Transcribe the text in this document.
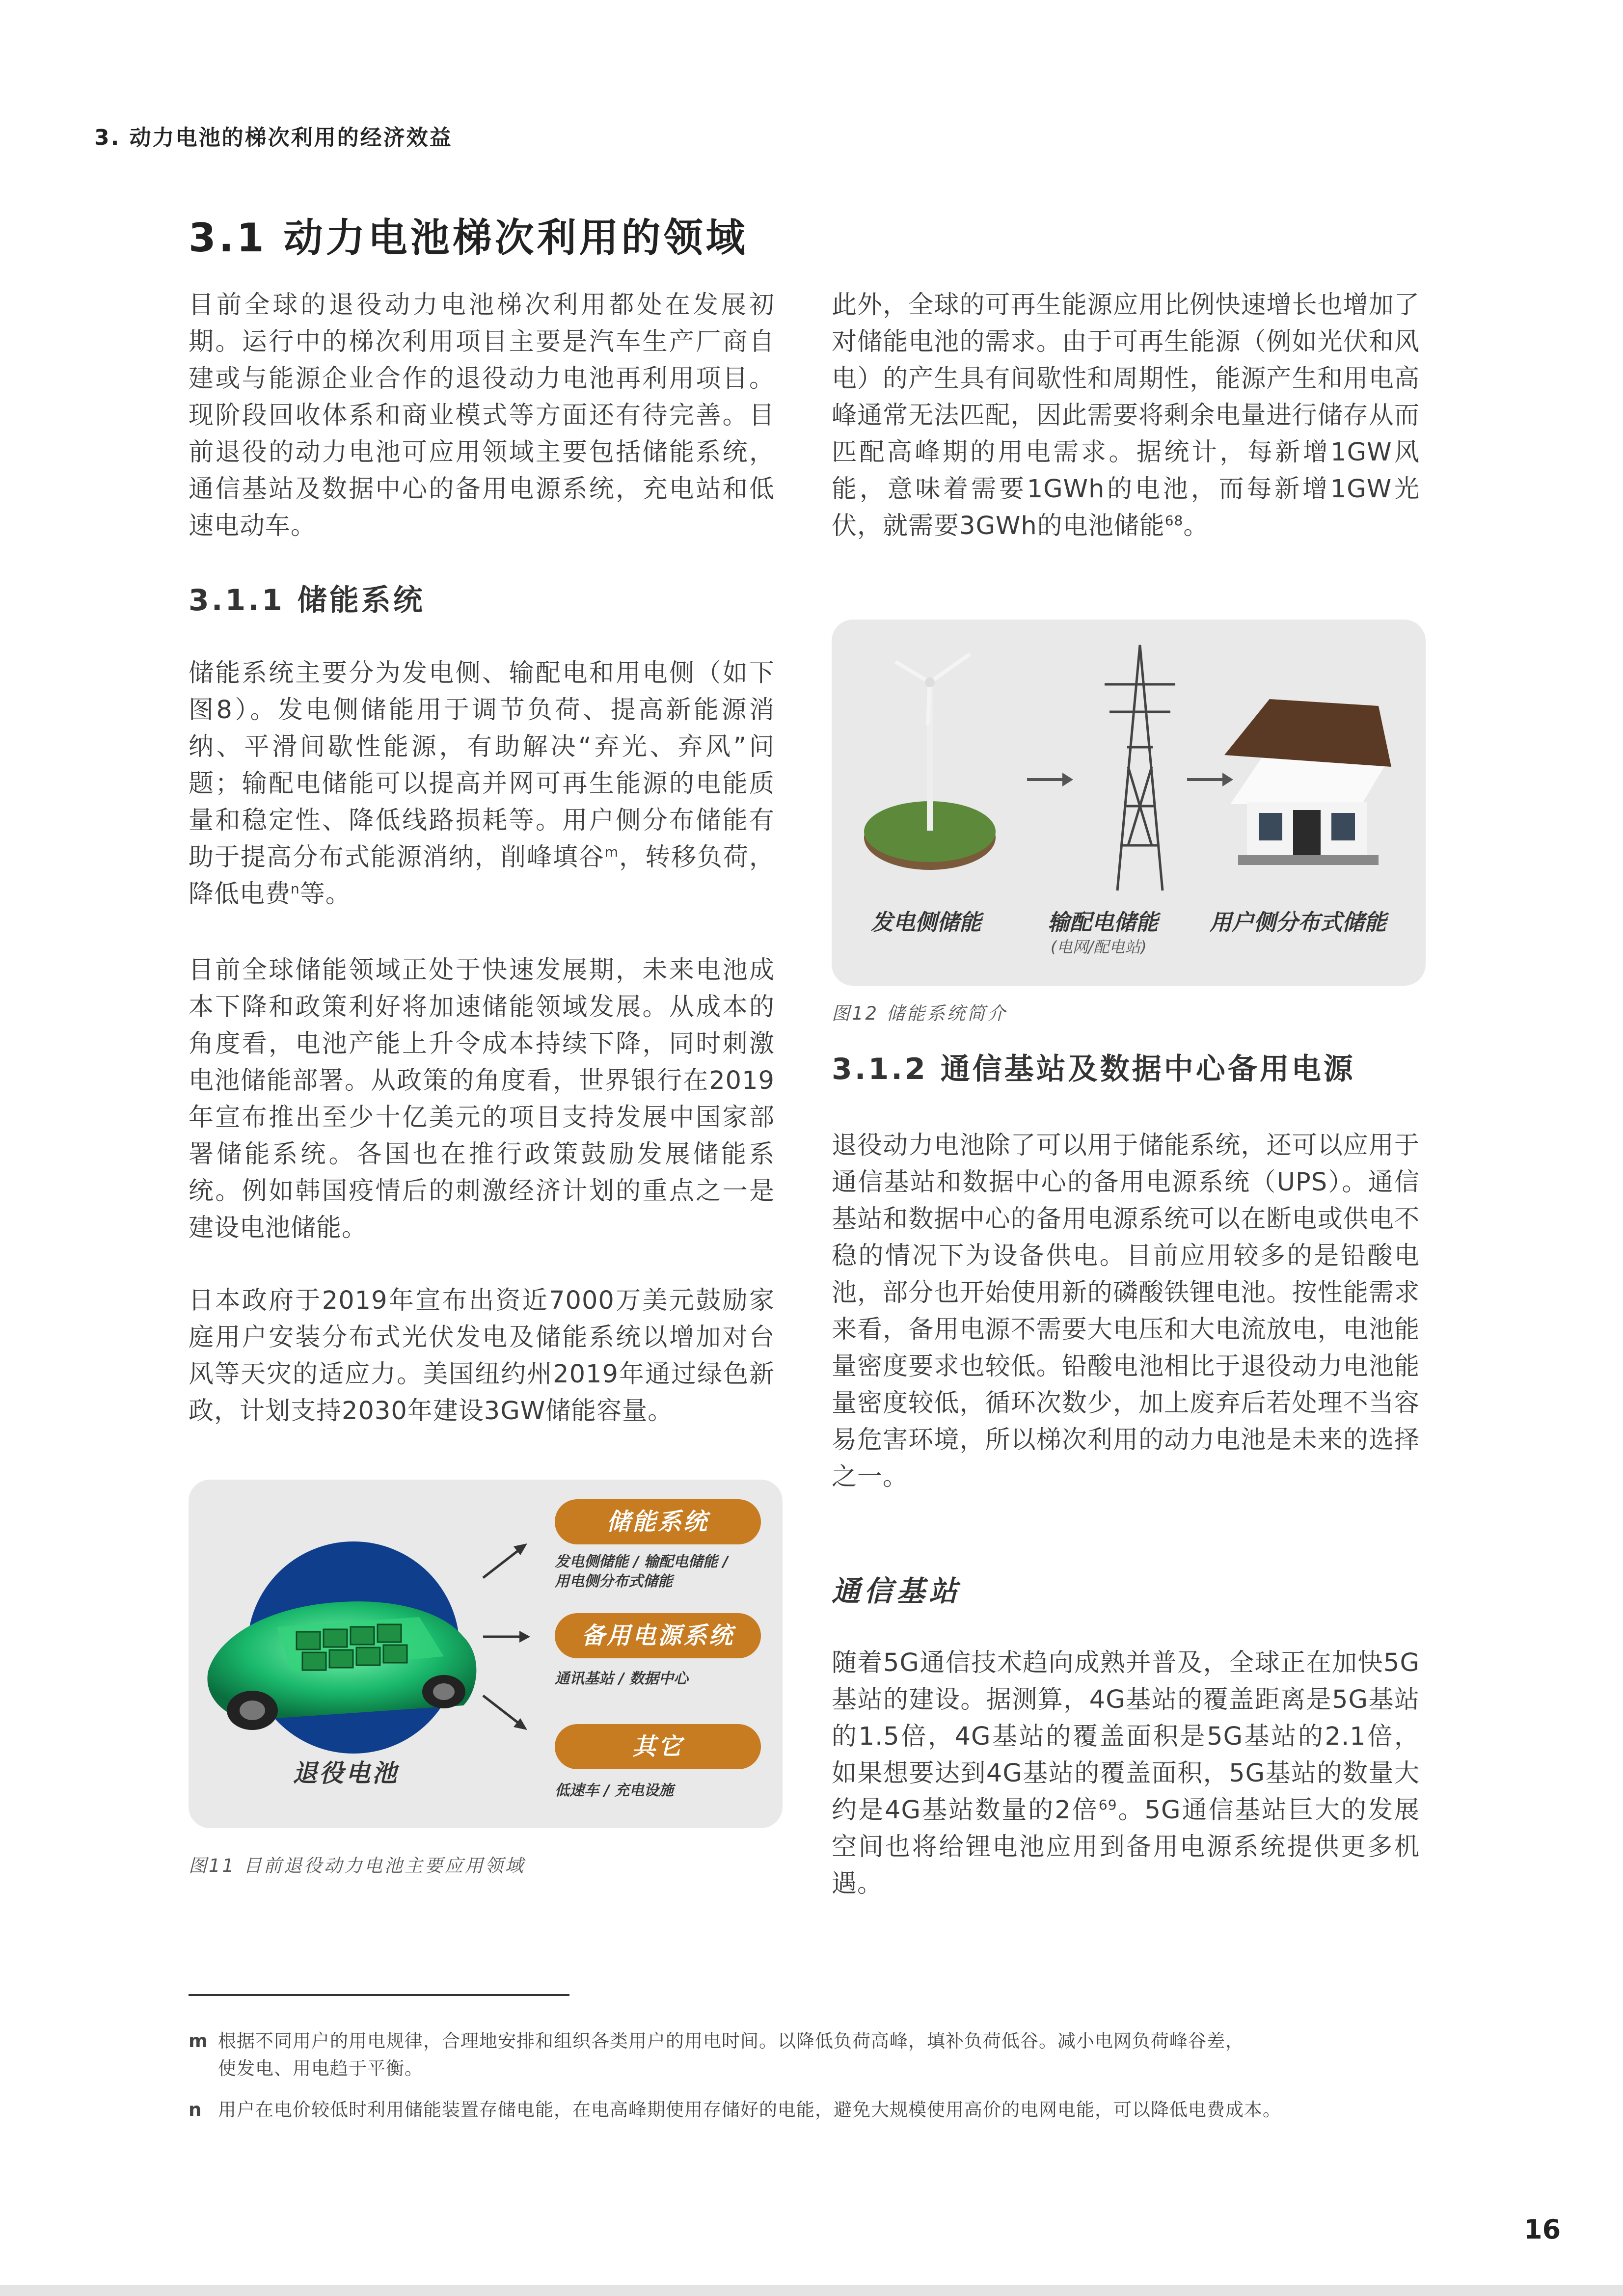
3. 动力电池的梯次利用的经济效益
3.1 动力电池梯次利用的领域
目前全球的退役动力电池梯次利用都处在发展初期。运行中的梯次利用项目主要是汽车生产厂商自建或与能源企业合作的退役动力电池再利用项目。现阶段回收体系和商业模式等方面还有待完善。目前退役的动力电池可应用领域主要包括储能系统，通信基站及数据中心的备用电源系统，充电站和低速电动车。
3.1.1 储能系统
储能系统主要分为发电侧、输配电和用电侧（如下图8）。发电侧储能用于调节负荷、提高新能源消纳、平滑间歇性能源，有助解决“弃光、弃风”问题；输配电储能可以提高并网可再生能源的电能质量和稳定性、降低线路损耗等。用户侧分布储能有助于提高分布式能源消纳，削峰填谷$^m$，转移负荷，降低电费$^n$等。
目前全球储能领域正处于快速发展期，未来电池成本下降和政策利好将加速储能领域发展。从成本的角度看，电池产能上升令成本持续下降，同时刺激电池储能部署。从政策的角度看，世界银行在2019年宣布推出至少十亿美元的项目支持发展中国家部署储能系统。各国也在推行政策鼓励发展储能系统。例如韩国疫情后的刺激经济计划的重点之一是建设电池储能。
日本政府于2019年宣布出资近7000万美元鼓励家庭用户安装分布式光伏发电及储能系统以增加对台风等天灾的适应力。美国纽约州2019年通过绿色新政，计划支持2030年建设3GW储能容量。
储能系统
发电侧储能 / 输配电储能 /
用电侧分布式储能
备用电源系统
通讯基站 / 数据中心
其它
低速车 / 充电设施
退役电池
图11 目前退役动力电池主要应用领域
此外，全球的可再生能源应用比例快速增长也增加了对储能电池的需求。由于可再生能源（例如光伏和风电）的产生具有间歇性和周期性，能源产生和用电高峰通常无法匹配，因此需要将剩余电量进行储存从而匹配高峰期的用电需求。据统计，每新增1GW风能，意味着需要1GWh的电池，而每新增1GW光伏，就需要3GWh的电池储能$^{68}$。
发电侧储能	输配电储能
(电网/配电站)
用户侧分布式储能
图12 储能系统简介
3.1.2 通信基站及数据中心备用电源
退役动力电池除了可以用于储能系统，还可以应用于通信基站和数据中心的备用电源系统（UPS）。通信基站和数据中心的备用电源系统可以在断电或供电不稳的情况下为设备供电。目前应用较多的是铅酸电池，部分也开始使用新的磷酸铁锂电池。按性能需求来看，备用电源不需要大电压和大电流放电，电池能量密度要求也较低。铅酸电池相比于退役动力电池能量密度较低，循环次数少，加上废弃后若处理不当容易危害环境，所以梯次利用的动力电池是未来的选择之一。
通信基站
随着5G通信技术趋向成熟并普及，全球正在加快5G基站的建设。据测算，4G基站的覆盖距离是5G基站的1.5倍，4G基站的覆盖面积是5G基站的2.1倍，如果想要达到4G基站的覆盖面积，5G基站的数量大约是4G基站数量的2倍$^{69}$。5G通信基站巨大的发展空间也将给锂电池应用到备用电源系统提供更多机遇。
m 根据不同用户的用电规律，合理地安排和组织各类用户的用电时间。以降低负荷高峰，填补负荷低谷。减小电网负荷峰谷差，
使发电、用电趋于平衡。
n 用户在电价较低时利用储能装置存储电能，在电高峰期使用存储好的电能，避免大规模使用高价的电网电能，可以降低电费成本。
16
